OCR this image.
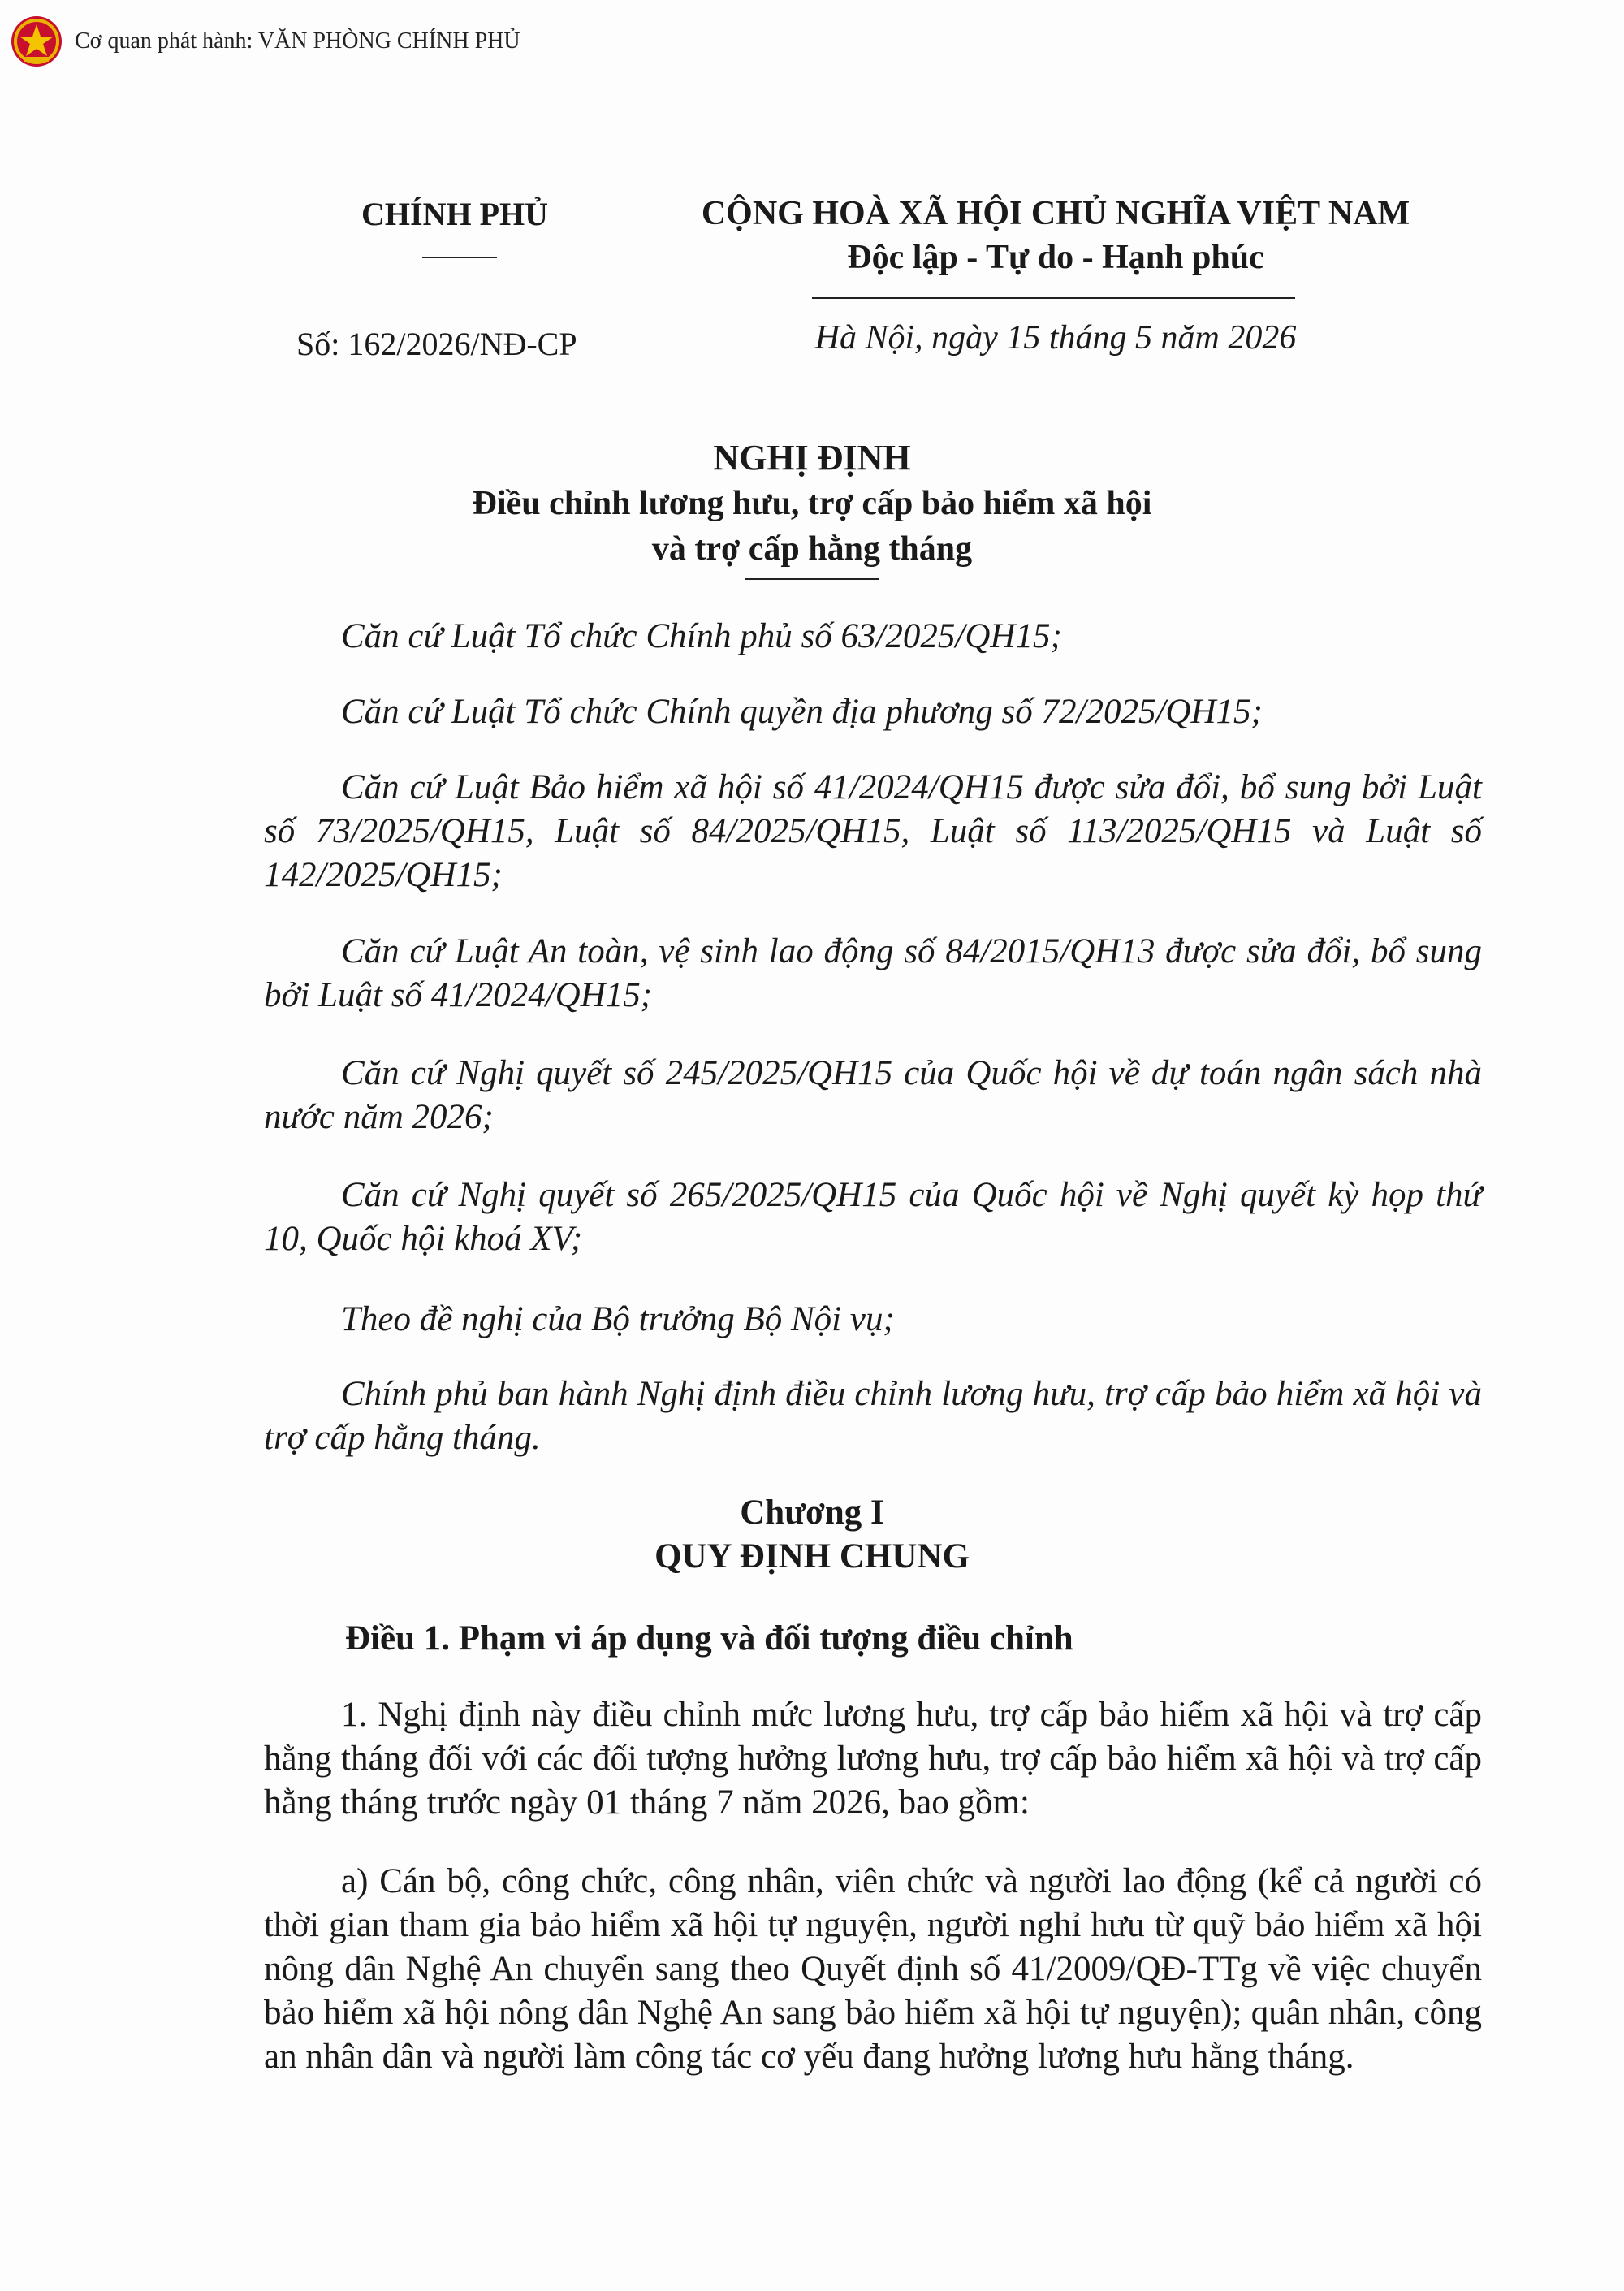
Cơ quan phát hành: VĂN PHÒNG CHÍNH PHỦ
CHÍNH PHỦ	CỘNG HOÀ XÃ HỘI CHỦ NGHĨA VIỆT NAM
Độc lập - Tự do - Hạnh phúc
Số: 162/2026/NĐ-CP	Hà Nội, ngày 15 tháng 5 năm 2026
NGHỊ ĐỊNH
Điều chỉnh lương hưu, trợ cấp bảo hiểm xã hội
và trợ cấp hằng tháng
Căn cứ Luật Tổ chức Chính phủ số 63/2025/QH15;
Căn cứ Luật Tổ chức Chính quyền địa phương số 72/2025/QH15;
Căn cứ Luật Bảo hiểm xã hội số 41/2024/QH15 được sửa đổi, bổ sung bởi Luật số 73/2025/QH15, Luật số 84/2025/QH15, Luật số 113/2025/QH15 và Luật số 142/2025/QH15;
Căn cứ Luật An toàn, vệ sinh lao động số 84/2015/QH13 được sửa đổi, bổ sung bởi Luật số 41/2024/QH15;
Căn cứ Nghị quyết số 245/2025/QH15 của Quốc hội về dự toán ngân sách nhà nước năm 2026;
Căn cứ Nghị quyết số 265/2025/QH15 của Quốc hội về Nghị quyết kỳ họp thứ 10, Quốc hội khoá XV;
Theo đề nghị của Bộ trưởng Bộ Nội vụ;
Chính phủ ban hành Nghị định điều chỉnh lương hưu, trợ cấp bảo hiểm xã hội và trợ cấp hằng tháng.
Chương I
QUY ĐỊNH CHUNG
Điều 1. Phạm vi áp dụng và đối tượng điều chỉnh
1. Nghị định này điều chỉnh mức lương hưu, trợ cấp bảo hiểm xã hội và trợ cấp hằng tháng đối với các đối tượng hưởng lương hưu, trợ cấp bảo hiểm xã hội và trợ cấp hằng tháng trước ngày 01 tháng 7 năm 2026, bao gồm:
a) Cán bộ, công chức, công nhân, viên chức và người lao động (kể cả người có thời gian tham gia bảo hiểm xã hội tự nguyện, người nghỉ hưu từ quỹ bảo hiểm xã hội nông dân Nghệ An chuyển sang theo Quyết định số 41/2009/QĐ-TTg về việc chuyển bảo hiểm xã hội nông dân Nghệ An sang bảo hiểm xã hội tự nguyện); quân nhân, công an nhân dân và người làm công tác cơ yếu đang hưởng lương hưu hằng tháng.
